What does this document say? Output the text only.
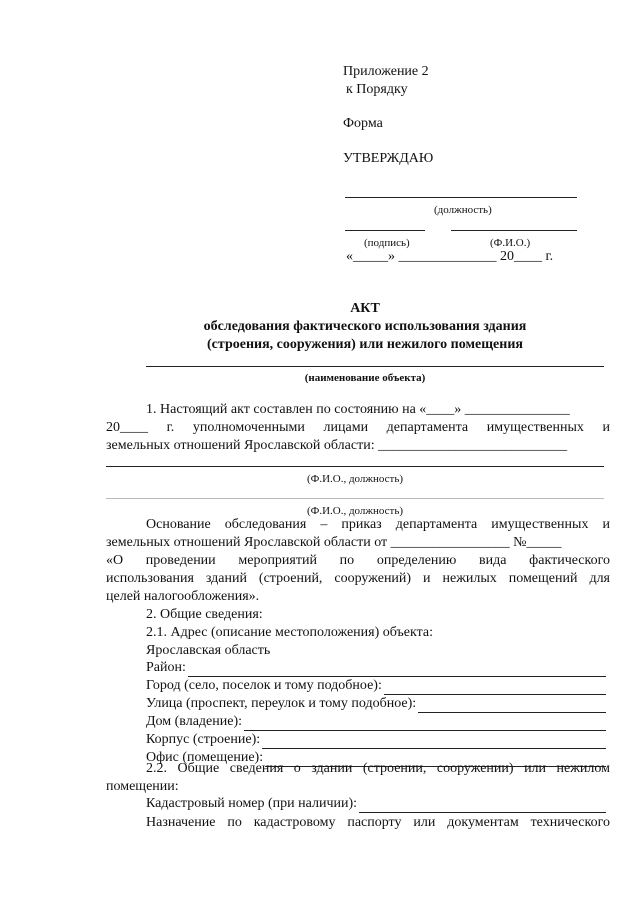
Приложение 2
к Порядку
Форма
УТВЕРЖДАЮ
(должность)
(подпись)	(Ф.И.О.)
«_____» ______________ 20____ г.
АКТ
обследования фактического использования здания
(строения, сооружения) или нежилого помещения
(наименование объекта)
1. Настоящий акт составлен по состоянию на «____» _______________
20____ г. уполномоченными лицами департамента имущественных и
земельных отношений Ярославской области: ___________________________
(Ф.И.О., должность)
(Ф.И.О., должность)
Основание обследования – приказ департамента имущественных и
земельных отношений Ярославской области от _________________ №_____
«О проведении мероприятий по определению вида фактического
использования зданий (строений, сооружений) и нежилых помещений для
целей налогообложения».
2. Общие сведения:
2.1. Адрес (описание местоположения) объекта:
Ярославская область
Район:
Город (село, поселок и тому подобное):
Улица (проспект, переулок и тому подобное):
Дом (владение):
Корпус (строение):
Офис (помещение):
2.2. Общие сведения о здании (строении, сооружении) или нежилом
помещении:
Кадастровый номер (при наличии):
Назначение по кадастровому паспорту или документам технического
